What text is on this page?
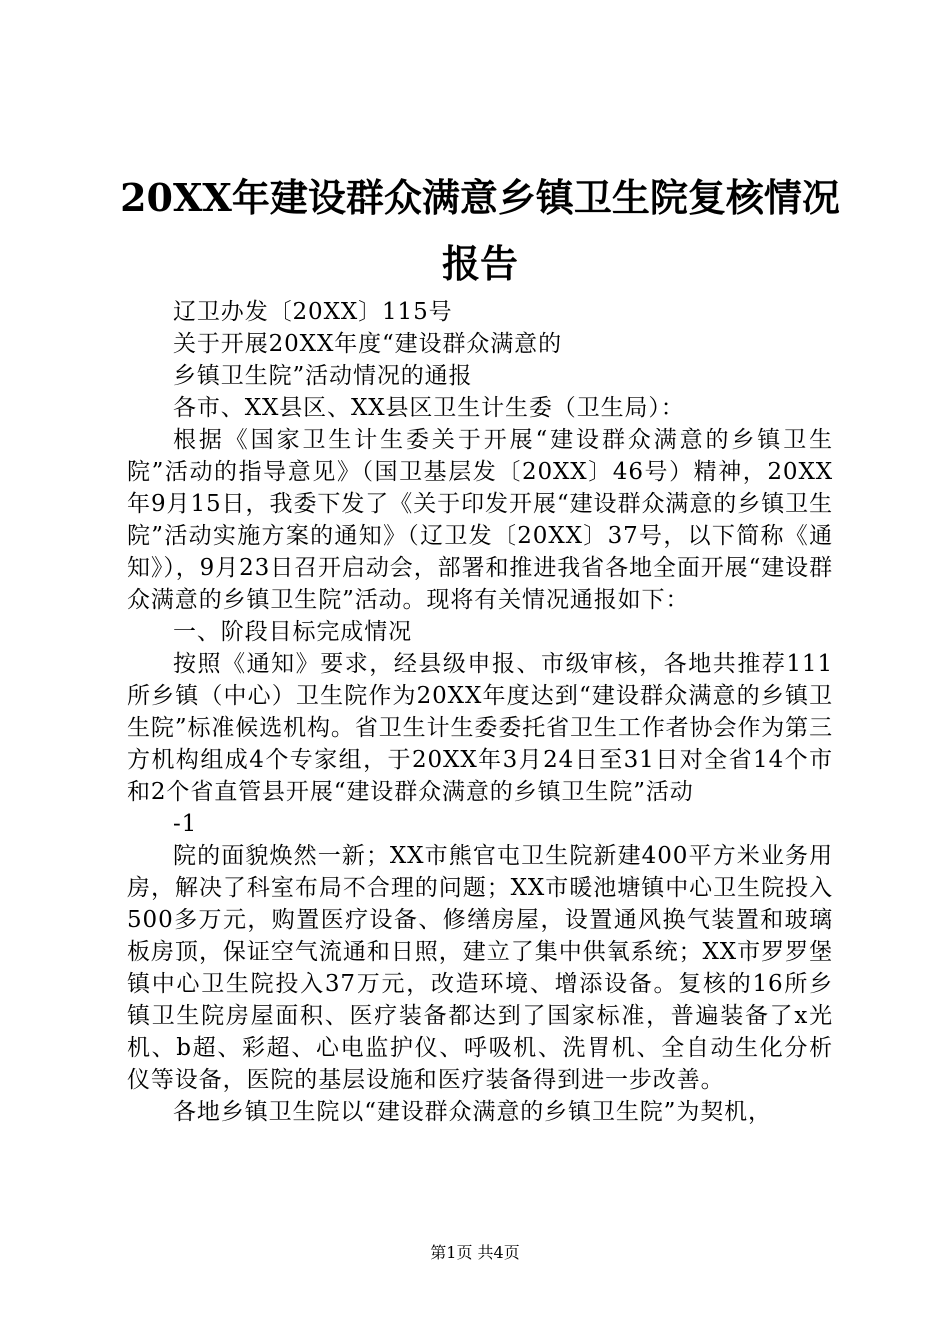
20XX年建设群众满意乡镇卫生院复核情况报告

辽卫办发〔20XX〕115号

关于开展20XX年度“建设群众满意的

乡镇卫生院”活动情况的通报

各市、XX县区、XX县区卫生计生委（卫生局）：

根据《国家卫生计生委关于开展“建设群众满意的乡镇卫生院”活动的指导意见》（国卫基层发〔20XX〕46号）精神，20XX年9月15日，我委下发了《关于印发开展“建设群众满意的乡镇卫生院”活动实施方案的通知》（辽卫发〔20XX〕37号，以下简称《通知》），9月23日召开启动会，部署和推进我省各地全面开展“建设群众满意的乡镇卫生院”活动。现将有关情况通报如下：

一、阶段目标完成情况

按照《通知》要求，经县级申报、市级审核，各地共推荐111所乡镇（中心）卫生院作为20XX年度达到“建设群众满意的乡镇卫生院”标准候选机构。省卫生计生委委托省卫生工作者协会作为第三方机构组成4个专家组，于20XX年3月24日至31日对全省14个市和2个省直管县开展“建设群众满意的乡镇卫生院”活动

-1

院的面貌焕然一新；XX市熊官屯卫生院新建400平方米业务用房，解决了科室布局不合理的问题；XX市暖池塘镇中心卫生院投入500多万元，购置医疗设备、修缮房屋，设置通风换气装置和玻璃板房顶，保证空气流通和日照，建立了集中供氧系统；XX市罗罗堡镇中心卫生院投入37万元，改造环境、增添设备。复核的16所乡镇卫生院房屋面积、医疗装备都达到了国家标准，普遍装备了x光机、b超、彩超、心电监护仪、呼吸机、洗胃机、全自动生化分析仪等设备，医院的基层设施和医疗装备得到进一步改善。

各地乡镇卫生院以“建设群众满意的乡镇卫生院”为契机，

第1页 共4页
